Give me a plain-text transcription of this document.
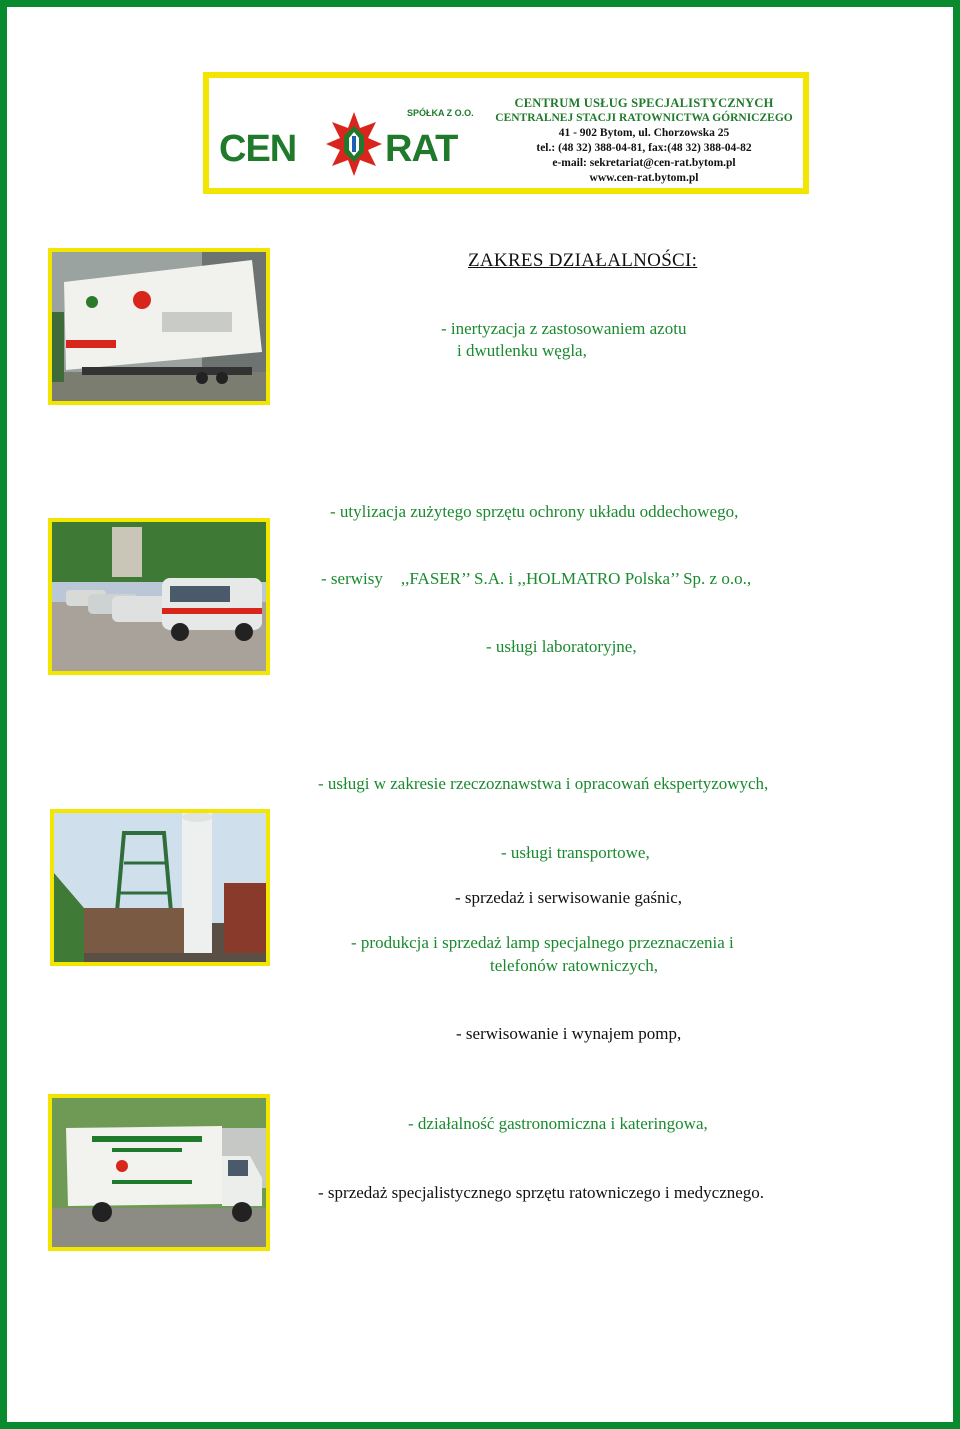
CEN RAT
SPÓŁKA Z O.O.
CENTRUM USŁUG SPECJALISTYCZNYCH
CENTRALNEJ STACJI RATOWNICTWA GÓRNICZEGO
41 - 902 Bytom, ul. Chorzowska 25
tel.: (48 32) 388-04-81, fax:(48 32) 388-04-82
e-mail: sekretariat@cen-rat.bytom.pl
www.cen-rat.bytom.pl
ZAKRES DZIAŁALNOŚCI:
- inertyzacja z zastosowaniem azotu
i dwutlenku węgla,
- utylizacja zużytego sprzętu ochrony układu oddechowego,
- serwisy ,,FASER’’ S.A. i ,,HOLMATRO Polska’’ Sp. z o.o.,
- usługi laboratoryjne,
- usługi w zakresie rzeczoznawstwa i opracowań ekspertyzowych,
- usługi transportowe,
- sprzedaż i serwisowanie gaśnic,
- produkcja i sprzedaż lamp specjalnego przeznaczenia i
telefonów ratowniczych,
- serwisowanie i wynajem pomp,
- działalność gastronomiczna i kateringowa,
- sprzedaż specjalistycznego sprzętu ratowniczego i medycznego.
